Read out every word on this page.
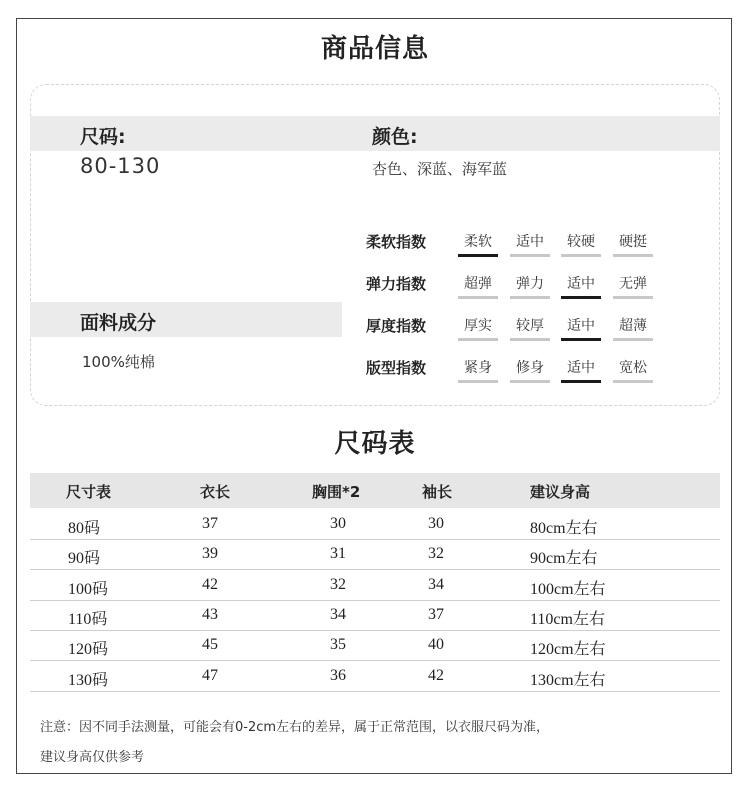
商品信息
尺码:	颜色:
80-130	杏色、深蓝、海军蓝
面料成分
100%纯棉
柔软指数	柔软	适中	较硬	硬挺
弹力指数	超弹	弹力	适中	无弹
厚度指数	厚实	较厚	适中	超薄
版型指数	紧身	修身	适中	宽松
尺码表
尺寸表	衣长	胸围*2	袖长	建议身高
80码	37	30	30	80cm左右
90码	39	31	32	90cm左右
100码	42	32	34	100cm左右
110码	43	34	37	110cm左右
120码	45	35	40	120cm左右
130码	47	36	42	130cm左右
注意：因不同手法测量，可能会有0-2cm左右的差异，属于正常范围，以衣服尺码为准，
建议身高仅供参考
